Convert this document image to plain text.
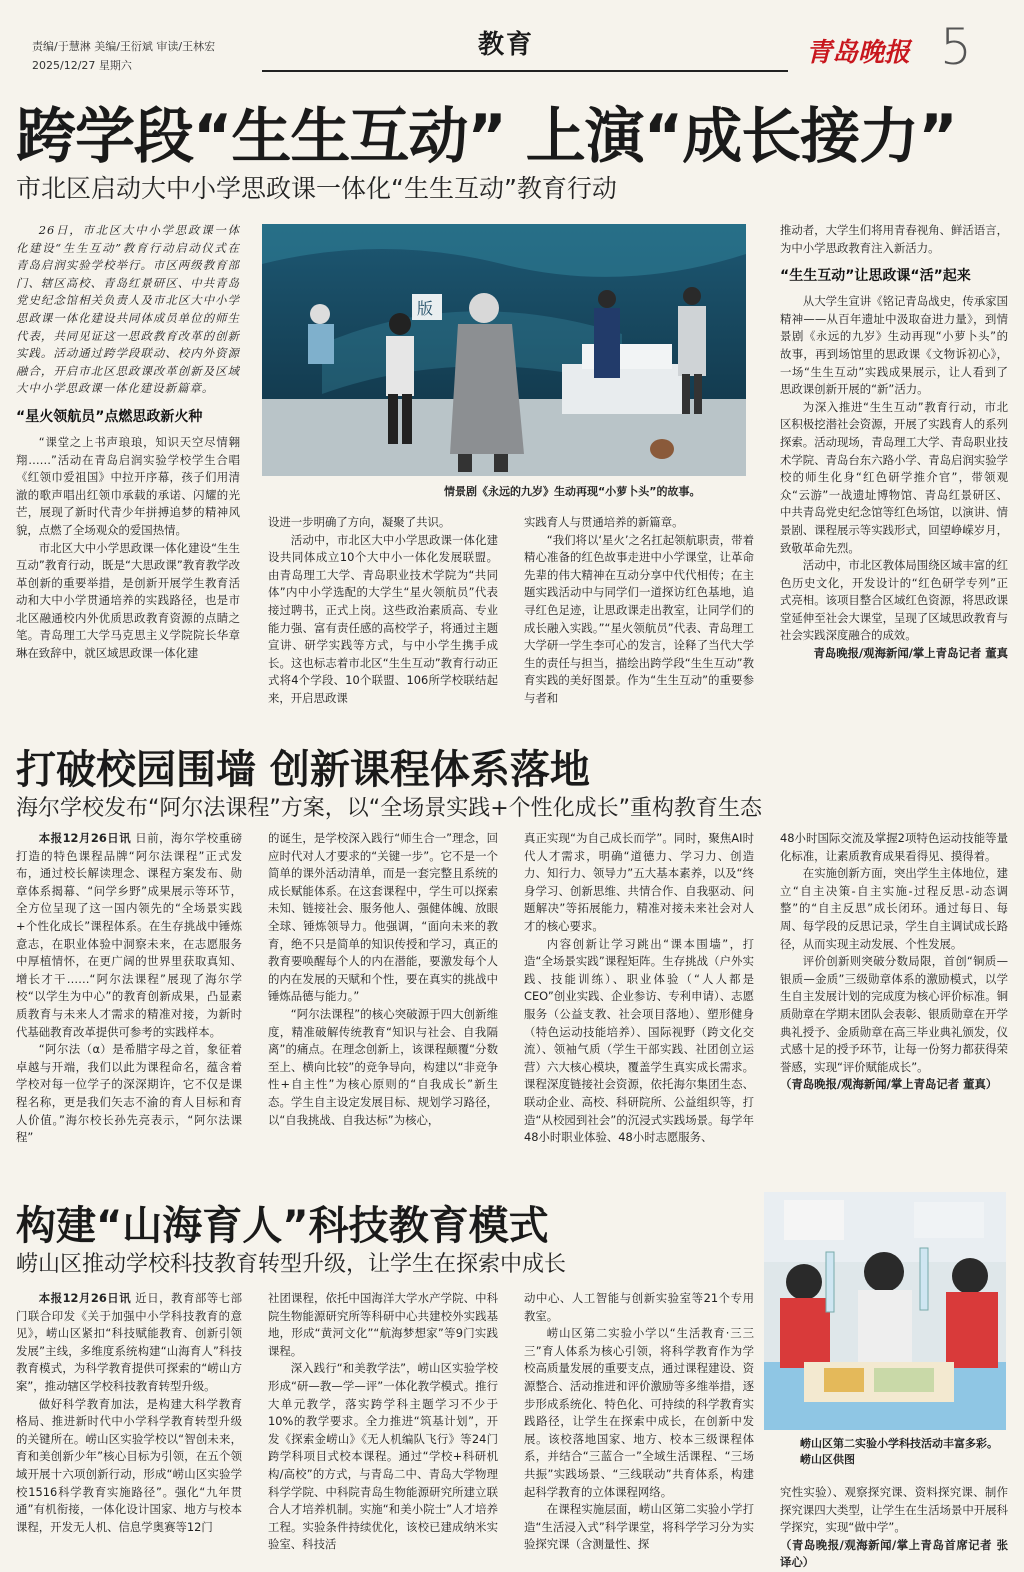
责编/于慧淋 美编/王衍斌 审读/王林宏
2025/12/27 星期六
教育	青岛晚报 5
跨学段“生生互动” 上演“成长接力”
市北区启动大中小学思政课一体化“生生互动”教育行动

26日，市北区大中小学思政课一体化建设“生生互动”教育行动启动仪式在青岛启润实验学校举行。市区两级教育部门、辖区高校、青岛红景研区、中共青岛党史纪念馆相关负责人及市北区大中小学思政课一体化建设共同体成员单位的师生代表，共同见证这一思政教育改革的创新实践。活动通过跨学段联动、校内外资源融合，开启市北区思政课改革创新及区域大中小学思政课一体化建设新篇章。

“星火领航员”点燃思政新火种

“课堂之上书声琅琅，知识天空尽情翱翔……”活动在青岛启润实验学校学生合唱《红领巾爱祖国》中拉开序幕，孩子们用清澈的歌声唱出红领巾承载的承诺、闪耀的光芒，展现了新时代青少年拼搏追梦的精神风貌，点燃了全场观众的爱国热情。

市北区大中小学思政课一体化建设“生生互动”教育行动，既是“大思政课”教育教学改革创新的重要举措，是创新开展学生教育活动和大中小学贯通培养的实践路径，也是市北区融通校内外优质思政教育资源的点睛之笔。青岛理工大学马克思主义学院院长华章琳在致辞中，就区域思政课一体化建

版
情景剧《永远的九岁》生动再现“小萝卜头”的故事。

设进一步明确了方向，凝聚了共识。

活动中，市北区大中小学思政课一体化建设共同体成立10个大中小一体化发展联盟。由青岛理工大学、青岛职业技术学院为“共同体”内中小学选配的大学生“星火领航员”代表接过聘书，正式上岗。这些政治素质高、专业能力强、富有责任感的高校学子，将通过主题宣讲、研学实践等方式，与中小学生携手成长。这也标志着市北区“生生互动”教育行动正式将4个学段、10个联盟、106所学校联结起来，开启思政课

实践育人与贯通培养的新篇章。

“我们将以‘星火’之名扛起领航职责，带着精心准备的红色故事走进中小学课堂，让革命先辈的伟大精神在互动分享中代代相传；在主题实践活动中与同学们一道探访红色基地，追寻红色足迹，让思政课走出教室，让同学们的成长融入实践。”“星火领航员”代表、青岛理工大学研一学生李可心的发言，诠释了当代大学生的责任与担当，描绘出跨学段“生生互动”教育实践的美好图景。作为“生生互动”的重要参与者和

推动者，大学生们将用青春视角、鲜活语言，为中小学思政教育注入新活力。

“生生互动”让思政课“活”起来

从大学生宣讲《铭记青岛战史，传承家国精神——从百年遗址中汲取奋进力量》，到情景剧《永远的九岁》生动再现“小萝卜头”的故事，再到场馆里的思政课《文物诉初心》，一场“生生互动”实践成果展示，让人看到了思政课创新开展的“新”活力。

为深入推进“生生互动”教育行动，市北区积极挖潜社会资源，开展了实践育人的系列探索。活动现场，青岛理工大学、青岛职业技术学院、青岛台东六路小学、青岛启润实验学校的师生化身“红色研学推介官”，带领观众“云游”一战遗址博物馆、青岛红景研区、中共青岛党史纪念馆等红色场馆，以演讲、情景剧、课程展示等实践形式，回望峥嵘岁月，致敬革命先烈。

活动中，市北区教体局围绕区域丰富的红色历史文化，开发设计的“红色研学专列”正式亮相。该项目整合区域红色资源，将思政课堂延伸至社会大课堂，呈现了区域思政教育与社会实践深度融合的成效。

青岛晚报/观海新闻/掌上青岛记者 董真

打破校园围墙 创新课程体系落地
海尔学校发布“阿尔法课程”方案，以“全场景实践+个性化成长”重构教育生态

本报12月26日讯 日前，海尔学校重磅打造的特色课程品牌“阿尔法课程”正式发布，通过校长解读理念、课程方案发布、勋章体系揭幕、“问学乡野”成果展示等环节，全方位呈现了这一国内领先的“全场景实践+个性化成长”课程体系。在生存挑战中锤炼意志，在职业体验中洞察未来，在志愿服务中厚植情怀，在更广阔的世界里获取真知、增长才干……“阿尔法课程”展现了海尔学校“以学生为中心”的教育创新成果，凸显素质教育与未来人才需求的精准对接，为新时代基础教育改革提供可参考的实践样本。

“阿尔法（α）是希腊字母之首，象征着卓越与开端，我们以此为课程命名，蕴含着学校对每一位学子的深深期许，它不仅是课程名称，更是我们矢志不渝的育人目标和育人价值。”海尔校长孙先亮表示，“阿尔法课程”

的诞生，是学校深入践行“师生合一”理念，回应时代对人才要求的“关键一步”。它不是一个简单的课外活动清单，而是一套完整且系统的成长赋能体系。在这套课程中，学生可以探索未知、链接社会、服务他人、强健体魄、放眼全球、锤炼领导力。他强调，“面向未来的教育，绝不只是简单的知识传授和学习，真正的教育要唤醒每个人的内在潜能，要激发每个人的内在发展的天赋和个性，要在真实的挑战中锤炼品德与能力。”

“阿尔法课程”的核心突破源于四大创新维度，精准破解传统教育“知识与社会、自我隔离”的痛点。在理念创新上，该课程颠覆“分数至上、横向比较”的竞争导向，构建以“非竞争性+自主性”为核心原则的“自我成长”新生态。学生自主设定发展目标、规划学习路径，以“自我挑战、自我达标”为核心，

真正实现“为自己成长而学”。同时，聚焦AI时代人才需求，明确“道德力、学习力、创造力、知行力、领导力”五大基本素养，以及“终身学习、创新思维、共情合作、自我驱动、问题解决”等拓展能力，精准对接未来社会对人才的核心要求。

内容创新让学习跳出“课本围墙”，打造“全场景实践”课程矩阵。生存挑战（户外实践、技能训练）、职业体验（“人人都是CEO”创业实践、企业参访、专利申请）、志愿服务（公益支教、社会项目落地）、塑形健身（特色运动技能培养）、国际视野（跨文化交流）、领袖气质（学生干部实践、社团创立运营）六大核心模块，覆盖学生真实成长需求。课程深度链接社会资源，依托海尔集团生态、联动企业、高校、科研院所、公益组织等，打造“从校园到社会”的沉浸式实践场景。每学年48小时职业体验、48小时志愿服务、

48小时国际交流及掌握2项特色运动技能等量化标准，让素质教育成果看得见、摸得着。

在实施创新方面，突出学生主体地位，建立“自主决策-自主实施-过程反思-动态调整”的“自主反思”成长闭环。通过每日、每周、每学段的反思记录，学生自主调试成长路径，从而实现主动发展、个性发展。

评价创新则突破分数局限，首创“铜质—银质—金质”三级勋章体系的激励模式，以学生自主发展计划的完成度为核心评价标准。铜质勋章在学期末团队会表彰、银质勋章在开学典礼授予、金质勋章在高三毕业典礼颁发，仪式感十足的授予环节，让每一份努力都获得荣誉感，实现“评价赋能成长”。

（青岛晚报/观海新闻/掌上青岛记者 董真）

构建“山海育人”科技教育模式
崂山区推动学校科技教育转型升级，让学生在探索中成长

本报12月26日讯 近日，教育部等七部门联合印发《关于加强中小学科技教育的意见》，崂山区紧扣“科技赋能教育、创新引领发展”主线，多维度系统构建“山海育人”科技教育模式，为科学教育提供可探索的“崂山方案”，推动辖区学校科技教育转型升级。

做好科学教育加法，是构建大科学教育格局、推进新时代中小学科学教育转型升级的关键所在。崂山区实验学校以“智创未来，育和美创新少年”核心目标为引领，在五个领域开展十六项创新行动，形成“崂山区实验学校1516科学教育实施路径”。强化“九年贯通”有机衔接，一体化设计国家、地方与校本课程，开发无人机、信息学奥赛等12门

社团课程，依托中国海洋大学水产学院、中科院生物能源研究所等科研中心共建校外实践基地，形成“黄河文化”“航海梦想家”等9门实践课程。

深入践行“和美教学法”，崂山区实验学校形成“研—教—学—评”一体化教学模式。推行大单元教学，落实跨学科主题学习不少于10%的教学要求。全力推进“筑基计划”，开发《探索金崂山》《无人机编队飞行》等24门跨学科项目式校本课程。通过“学校+科研机构/高校”的方式，与青岛二中、青岛大学物理科学学院、中科院青岛生物能源研究所建立联合人才培养机制。实施“和美小院士”人才培养工程。实验条件持续优化，该校已建成纳米实验室、科技活

动中心、人工智能与创新实验室等21个专用教室。

崂山区第二实验小学以“生活教育·三三三”育人体系为核心引领，将科学教育作为学校高质量发展的重要支点，通过课程建设、资源整合、活动推进和评价激励等多维举措，逐步形成系统化、特色化、可持续的科学教育实践路径，让学生在探索中成长，在创新中发展。该校落地国家、地方、校本三级课程体系，并结合“三蓝合一”全域生活课程、“三场共振”实践场景、“三线联动”共育体系，构建起科学教育的立体课程网络。

在课程实施层面，崂山区第二实验小学打造“生活浸入式”科学课堂，将科学学习分为实验探究课（含测量性、探

崂山区第二实验小学科技活动丰富多彩。 崂山区供图

究性实验）、观察探究课、资料探究课、制作探究课四大类型，让学生在生活场景中开展科学探究，实现“做中学”。

（青岛晚报/观海新闻/掌上青岛首席记者 张译心）
